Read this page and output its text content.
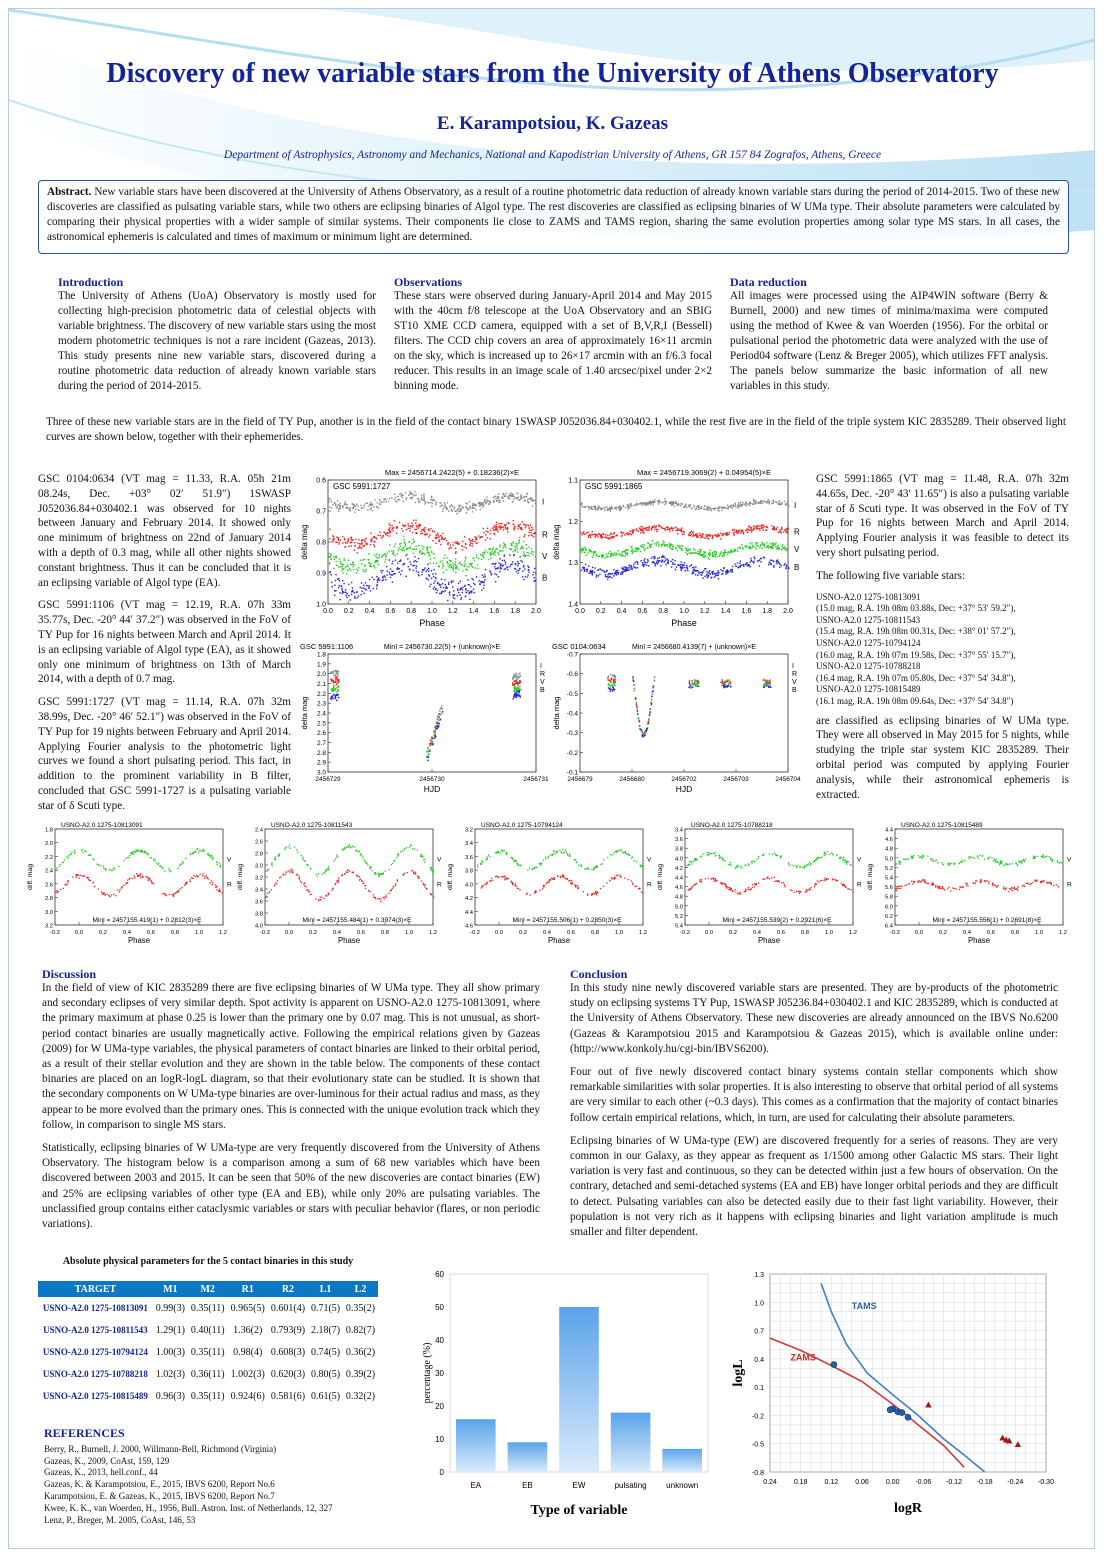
Discovery of new variable stars from the University of Athens Observatory
E. Karampotsiou, K. Gazeas
Department of Astrophysics, Astronomy and Mechanics, National and Kapodistrian University of Athens, GR 157 84 Zografos, Athens, Greece
Abstract. New variable stars have been discovered at the University of Athens Observatory, as a result of a routine photometric data reduction of already known variable stars during the period of 2014-2015. Two of these new discoveries are classified as pulsating variable stars, while two others are eclipsing binaries of Algol type. The rest discoveries are classified as eclipsing binaries of W UMa type. Their absolute parameters were calculated by comparing their physical properties with a wider sample of similar systems. Their components lie close to ZAMS and TAMS region, sharing the same evolution properties among solar type MS stars. In all cases, the astronomical ephemeris is calculated and times of maximum or minimum light are determined.
Introduction

The University of Athens (UoA) Observatory is mostly used for collecting high-precision photometric data of celestial objects with variable brightness. The discovery of new variable stars using the most modern photometric techniques is not a rare incident (Gazeas, 2013). This study presents nine new variable stars, discovered during a routine photometric data reduction of already known variable stars during the period of 2014-2015.

Observations

These stars were observed during January-April 2014 and May 2015 with the 40cm f/8 telescope at the UoA Observatory and an SBIG ST10 XME CCD camera, equipped with a set of B,V,R,I (Bessell) filters. The CCD chip covers an area of approximately 16×11 arcmin on the sky, which is increased up to 26×17 arcmin with an f/6.3 focal reducer. This results in an image scale of 1.40 arcsec/pixel under 2×2 binning mode.

Data reduction

All images were processed using the AIP4WIN software (Berry & Burnell, 2000) and new times of minima/maxima were computed using the method of Kwee & van Woerden (1956). For the orbital or pulsational period the photometric data were analyzed with the use of Period04 software (Lenz & Breger 2005), which utilizes FFT analysis. The panels below summarize the basic information of all new variables in this study.

Three of these new variable stars are in the field of TY Pup, another is in the field of the contact binary 1SWASP J052036.84+030402.1, while the rest five are in the field of the triple system KIC 2835289. Their observed light curves are shown below, together with their ephemerides.

GSC 0104:0634 (VT mag = 11.33, R.A. 05h 21m 08.24s, Dec. +03° 02′ 51.9″) 1SWASP J052036.84+030402.1 was observed for 10 nights between January and February 2014. It showed only one minimum of brightness on 22nd of January 2014 with a depth of 0.3 mag, while all other nights showed constant brightness. Thus it can be concluded that it is an eclipsing variable of Algol type (EA).

GSC 5991:1106 (VT mag = 12.19, R.A. 07h 33m 35.77s, Dec. -20° 44′ 37.2″) was observed in the FoV of TY Pup for 16 nights between March and April 2014. It is an eclipsing variable of Algol type (EA), as it showed only one minimum of brightness on 13th of March 2014, with a depth of 0.7 mag.

GSC 5991:1727 (VT mag = 11.14, R.A. 07h 32m 38.99s, Dec. -20° 46′ 52.1″) was observed in the FoV of TY Pup for 19 nights between February and April 2014. Applying Fourier analysis to the photometric light curves we found a short pulsating period. This fact, in addition to the prominent variability in B filter, concluded that GSC 5991-1727 is a pulsating variable star of δ Scuti type.

GSC 5991:1865 (VT mag = 11.48, R.A. 07h 32m 44.65s, Dec. -20° 43′ 11.65″) is also a pulsating variable star of δ Scuti type. It was observed in the FoV of TY Pup for 16 nights between March and April 2014. Applying Fourier analysis it was feasible to detect its very short pulsating period.

The following five variable stars:

USNO-A2.0 1275-10813091
(15.0 mag, R.A. 19h 08m 03.88s, Dec: +37° 53′ 59.2″),
USNO-A2.0 1275-10811543
(15.4 mag, R.A. 19h 08m 00.31s, Dec: +38° 01′ 57.2″),
USNO-A2.0 1275-10794124
(16.0 mag, R.A. 19h 07m 19.58s, Dec: +37° 55′ 15.7″),
USNO-A2.0 1275-10788218
(16.4 mag, R.A. 19h 07m 05.80s, Dec: +37° 54′ 34.8″),
USNO-A2.0 1275-10815489
(16.1 mag, R.A. 19h 08m 09.64s, Dec: +37° 54′ 34.8″)

are classified as eclipsing binaries of W UMa type. They were all observed in May 2015 for 5 nights, while studying the triple star system KIC 2835289. Their orbital period was computed by applying Fourier analysis, while their astronomical ephemeris is extracted.

Max = 2456714.2422(5) + 0.18236(2)×E
0.6
0.7
0.8
0.9
1.0
0.0 0.2 0.4 0.6 0.8 1.0 1.2 1.4 1.6 1.8 2.0
Phase
delta mag
GSC 5991:1727
I
R
V
B
Max = 2456719.3069(2) + 0.04954(5)×E
1.1
1.2
1.3
1.4
0.0 0.2 0.4 0.6 0.8 1.0 1.2 1.4 1.6 1.8 2.0
Phase
delta mag
GSC 5991:1865
I
R
V
B
MinI = 2456730.22(5) + (unknown)×E
1.8
1.9
2.0
2.1
2.2
2.3
2.4
2.5
2.6
2.7
2.8
2.9
3.0
2456729	2456730	2456731
HJD
delta mag
GSC 5991:1106
I
R
V
B
MinI = 2456680.4139(7) + (unknown)×E
-0.7
-0.6
-0.5
-0.4
-0.3
-0.2
-0.1
2456679	2456680	2456702	2456703	2456704
HJD
delta mag
GSC 0104:0634
I
R
V
B
USNO-A2.0 1275-10813091
1.8
2.0
2.2
2.4
2.6
2.8
3.0
3.2
-0.2	0.0	0.2	0.4	0.6	0.8	1.0	1.2
Phase
diff. mag
MinI = 2457155.419(1) + 0.2812(3)×E
V
R
USNO-A2.0 1275-10811543
2.4
2.6
2.8
3.0
3.2
3.4
3.6
3.8
4.0
-0.2	0.0	0.2	0.4	0.6	0.8	1.0	1.2
Phase
diff. mag
MinI = 2457155.484(1) + 0.3974(3)×E
V
R
USNO-A2.0 1275-10794124
3.2
3.4
3.6
3.8
4.0
4.2
4.4
4.6
-0.2	0.0	0.2	0.4	0.6	0.8	1.0	1.2
Phase
diff. mag
MinI = 2457155.506(1) + 0.2850(3)×E
V
R
USNO-A2.0 1275-10788218
3.4
3.6
3.8
4.0
4.2
4.4
4.6
4.8
5.0
5.2
5.4
-0.2	0.0	0.2	0.4	0.6	0.8	1.0	1.2
Phase
diff. mag
MinI = 2457155.539(2) + 0.2921(6)×E
V
R
USNO-A2.0 1275-10815489
4.4
4.6
4.8
5.0
5.2
5.4
5.6
5.8
6.0
6.2
6.4
-0.2	0.0	0.2	0.4	0.6	0.8	1.0	1.2
Phase
diff. mag
MinI = 2457155.556(1) + 0.2691(8)×E
V
R
Discussion

In the field of view of KIC 2835289 there are five eclipsing binaries of W UMa type. They all show primary and secondary eclipses of very similar depth. Spot activity is apparent on USNO-A2.0 1275-10813091, where the primary maximum at phase 0.25 is lower than the primary one by 0.07 mag. This is not unusual, as short-period contact binaries are usually magnetically active. Following the empirical relations given by Gazeas (2009) for W UMa-type variables, the physical parameters of contact binaries are linked to their orbital period, as a result of their stellar evolution and they are shown in the table below. The components of these contact binaries are placed on an logR-logL diagram, so that their evolutionary state can be studied. It is shown that the secondary components on W UMa-type binaries are over-luminous for their actual radius and mass, as they appear to be more evolved than the primary ones. This is connected with the unique evolution track which they follow, in comparison to single MS stars.

Statistically, eclipsing binaries of W UMa-type are very frequently discovered from the University of Athens Observatory. The histogram below is a comparison among a sum of 68 new variables which have been discovered between 2003 and 2015. It can be seen that 50% of the new discoveries are contact binaries (EW) and 25% are eclipsing variables of other type (EA and EB), while only 20% are pulsating variables. The unclassified group contains either cataclysmic variables or stars with peculiar behavior (flares, or non periodic variations).

Conclusion

In this study nine newly discovered variable stars are presented. They are by-products of the photometric study on eclipsing systems TY Pup, 1SWASP J05236.84+030402.1 and KIC 2835289, which is conducted at the University of Athens Observatory. These new discoveries are already announced on the IBVS No.6200 (Gazeas & Karampotsiou 2015 and Karampotsiou & Gazeas 2015), which is available online under: (http://www.konkoly.hu/cgi-bin/IBVS6200).

Four out of five newly discovered contact binary systems contain stellar components which show remarkable similarities with solar properties. It is also interesting to observe that orbital period of all systems are very similar to each other (~0.3 days). This comes as a confirmation that the majority of contact binaries follow certain empirical relations, which, in turn, are used for calculating their absolute parameters.

Eclipsing binaries of W UMa-type (EW) are discovered frequently for a series of reasons. They are very common in our Galaxy, as they appear as frequent as 1/1500 among other Galactic MS stars. Their light variation is very fast and continuous, so they can be detected within just a few hours of observation. On the contrary, detached and semi-detached systems (EA and EB) have longer orbital periods and they are difficult to detect. Pulsating variables can also be detected easily due to their fast light variability. However, their population is not very rich as it happens with eclipsing binaries and light variation amplitude is much smaller and filter dependent.

Absolute physical parameters for the 5 contact binaries in this study
TARGET	M1	M2	R1	R2	L1	L2
USNO-A2.0 1275-10813091	0.99(3)	0.35(11)	0.965(5)	0.601(4)	0.71(5)	0.35(2)
USNO-A2.0 1275-10811543	1.29(1)	0.40(11)	1.36(2)	0.793(9)	2.18(7)	0.82(7)
USNO-A2.0 1275-10794124	1.00(3)	0.35(11)	0.98(4)	0.608(3)	0.74(5)	0.36(2)
USNO-A2.0 1275-10788218	1.02(3)	0.36(11)	1.002(3)	0.620(3)	0.80(5)	0.39(2)
USNO-A2.0 1275-10815489	0.96(3)	0.35(11)	0.924(6)	0.581(6)	0.61(5)	0.32(2)
REFERENCES
Berry, R., Burnell, J. 2000, Willmann-Bell, Richmond (Virginia)
Gazeas, K., 2009, CoAst, 159, 129
Gazeas, K., 2013, hell.conf., 44
Gazeas, K. & Karampotsiou, E., 2015, IBVS 6200, Report No.6
Karampotsiou, E. & Gazeas, K., 2015, IBVS 6200, Report No.7
Kwee, K. K., van Woerden, H., 1956, Bull. Astron. Inst. of Netherlands, 12, 327
Lenz, P., Breger, M. 2005, CoAst, 146, 53
0
10
20
30
40
50
60
EA	EB	EW	pulsating unknown
Type of variable
percentage (%)
1.3
1.0
0.7
0.4
0.1
-0.2
-0.5
-0.8
0.24 0.18 0.12 0.06 0.00 -0.06 -0.12 -0.18 -0.24 -0.30
logR
logL
TAMS
ZAMS
